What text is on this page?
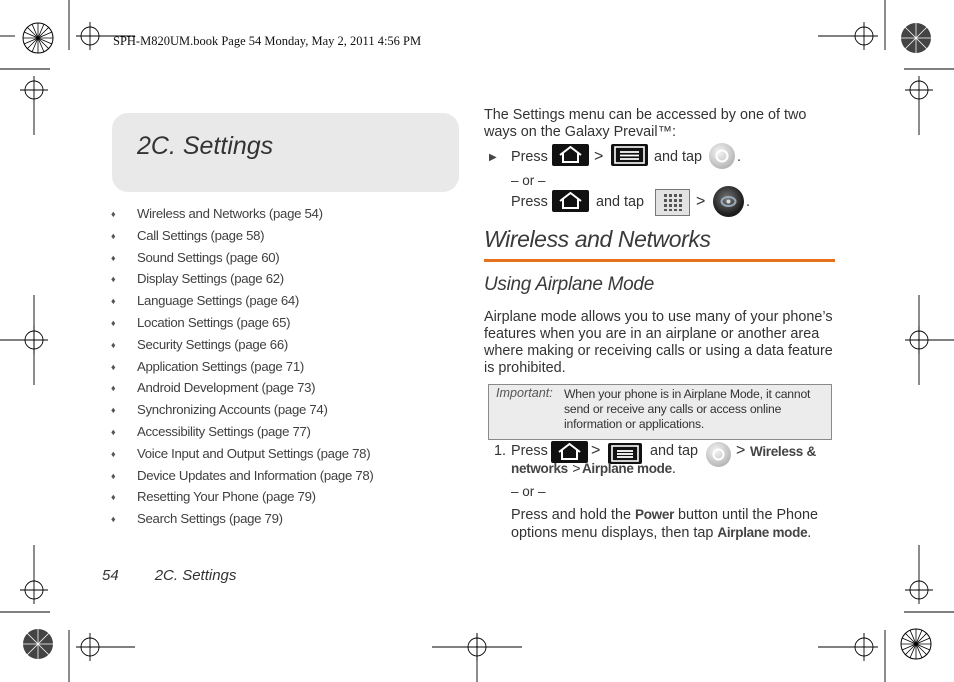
SPH-M820UM.book Page 54 Monday, May 2, 2011 4:56 PM
2C. Settings
♦ Wireless and Networks (page 54)
♦ Call Settings (page 58)
♦ Sound Settings (page 60)
♦ Display Settings (page 62)
♦ Language Settings (page 64)
♦ Location Settings (page 65)
♦ Security Settings (page 66)
♦ Application Settings (page 71)
♦ Android Development (page 73)
♦ Synchronizing Accounts (page 74)
♦ Accessibility Settings (page 77)
♦ Voice Input and Output Settings (page 78)
♦ Device Updates and Information (page 78)
♦ Resetting Your Phone (page 79)
♦ Search Settings (page 79)
54 2C. Settings
The Settings menu can be accessed by one of two
ways on the Galaxy Prevail™:
▶ Press	>	and tap .
– or –
Press	and tap	>	.
Wireless and Networks
Using Airplane Mode
Airplane mode allows you to use many of your phone’s
features when you are in an airplane or another area
where making or receiving calls or using a data feature
is prohibited.
Important: When your phone is in Airplane Mode, it cannot
send or receive any calls or access online
information or applications.
1. Press	>	and tap > Wireless &
networks > Airplane mode.
– or –
Press and hold the Power button until the Phone
options menu displays, then tap Airplane mode.
